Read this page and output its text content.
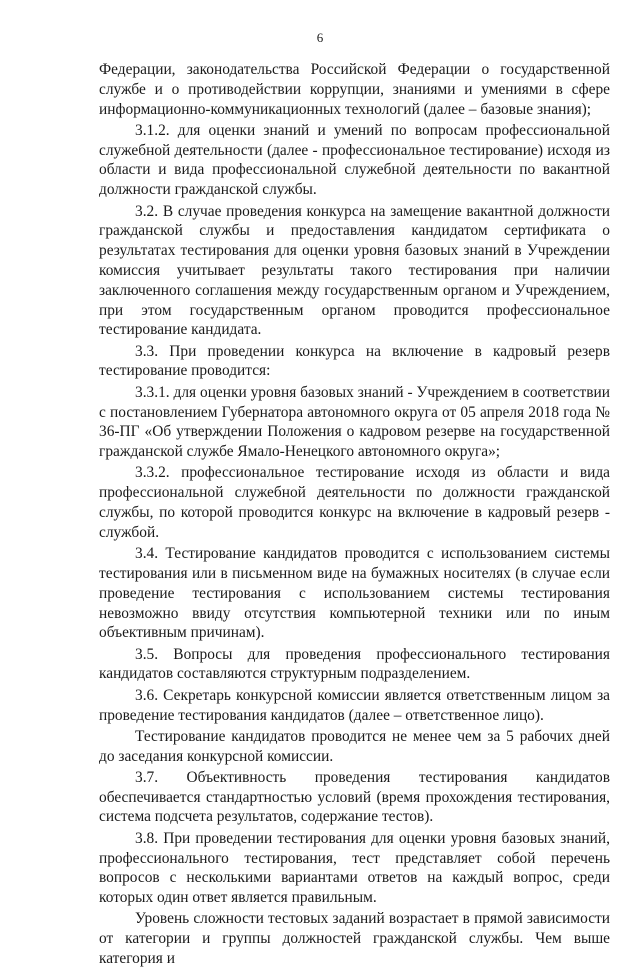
6

Федерации, законодательства Российской Федерации о государственной службе и о противодействии коррупции, знаниями и умениями в сфере информационно-коммуникационных технологий (далее – базовые знания);

3.1.2. для оценки знаний и умений по вопросам профессиональной служебной деятельности (далее - профессиональное тестирование) исходя из области и вида профессиональной служебной деятельности по вакантной должности гражданской службы.

3.2. В случае проведения конкурса на замещение вакантной должности гражданской службы и предоставления кандидатом сертификата о результатах тестирования для оценки уровня базовых знаний в Учреждении комиссия учитывает результаты такого тестирования при наличии заключенного соглашения между государственным органом и Учреждением, при этом государственным органом проводится профессиональное тестирование кандидата.

3.3. При проведении конкурса на включение в кадровый резерв тестирование проводится:

3.3.1. для оценки уровня базовых знаний - Учреждением в соответствии с постановлением Губернатора автономного округа от 05 апреля 2018 года № 36-ПГ «Об утверждении Положения о кадровом резерве на государственной гражданской службе Ямало-Ненецкого автономного округа»;

3.3.2. профессиональное тестирование исходя из области и вида профессиональной служебной деятельности по должности гражданской службы, по которой проводится конкурс на включение в кадровый резерв - службой.

3.4. Тестирование кандидатов проводится с использованием системы тестирования или в письменном виде на бумажных носителях (в случае если проведение тестирования с использованием системы тестирования невозможно ввиду отсутствия компьютерной техники или по иным объективным причинам).

3.5. Вопросы для проведения профессионального тестирования кандидатов составляются структурным подразделением.

3.6. Секретарь конкурсной комиссии является ответственным лицом за проведение тестирования кандидатов (далее – ответственное лицо).

Тестирование кандидатов проводится не менее чем за 5 рабочих дней до заседания конкурсной комиссии.

3.7. Объективность проведения тестирования кандидатов обеспечивается стандартностью условий (время прохождения тестирования, система подсчета результатов, содержание тестов).

3.8. При проведении тестирования для оценки уровня базовых знаний, профессионального тестирования, тест представляет собой перечень вопросов с несколькими вариантами ответов на каждый вопрос, среди которых один ответ является правильным.

Уровень сложности тестовых заданий возрастает в прямой зависимости от категории и группы должностей гражданской службы. Чем выше категория и
